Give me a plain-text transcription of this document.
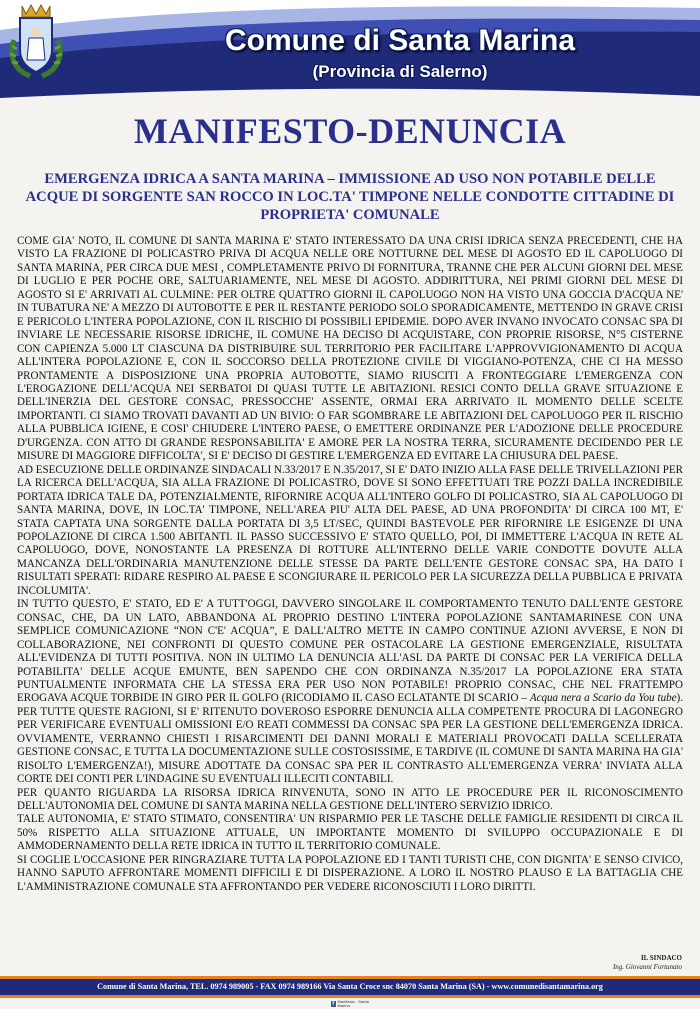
Comune di Santa Marina
(Provincia di Salerno)
MANIFESTO-DENUNCIA
EMERGENZA IDRICA A SANTA MARINA – IMMISSIONE AD USO NON POTABILE DELLE ACQUE DI SORGENTE SAN ROCCO IN LOC.TA' TIMPONE NELLE CONDOTTE CITTADINE DI PROPRIETA' COMUNALE

COME GIA' NOTO, IL COMUNE DI SANTA MARINA E' STATO INTERESSATO DA UNA CRISI IDRICA SENZA PRECEDENTI, CHE HA VISTO LA FRAZIONE DI POLICASTRO PRIVA DI ACQUA NELLE ORE NOTTURNE DEL MESE DI AGOSTO ED IL CAPOLUOGO DI SANTA MARINA, PER CIRCA DUE MESI , COMPLETAMENTE PRIVO DI FORNITURA, TRANNE CHE PER ALCUNI GIORNI DEL MESE DI LUGLIO E PER POCHE ORE, SALTUARIAMENTE, NEL MESE DI AGOSTO. ADDIRITTURA, NEI PRIMI GIORNI DEL MESE DI AGOSTO SI E' ARRIVATI AL CULMINE: PER OLTRE QUATTRO GIORNI IL CAPOLUOGO NON HA VISTO UNA GOCCIA D'ACQUA NE' IN TUBATURA NE' A MEZZO DI AUTOBOTTE E PER IL RESTANTE PERIODO SOLO SPORADICAMENTE, METTENDO IN GRAVE CRISI E PERICOLO L'INTERA POPOLAZIONE, CON IL RISCHIO DI POSSIBILI EPIDEMIE. DOPO AVER INVANO INVOCATO CONSAC SPA DI INVIARE LE NECESSARIE RISORSE IDRICHE, IL COMUNE HA DECISO DI ACQUISTARE, CON PROPRIE RISORSE, N°5 CISTERNE CON CAPIENZA 5.000 LT CIASCUNA DA DISTRIBUIRE SUL TERRITORIO PER FACILITARE L'APPROVVIGIONAMENTO DI ACQUA ALL'INTERA POPOLAZIONE E, CON IL SOCCORSO DELLA PROTEZIONE CIVILE DI VIGGIANO-POTENZA, CHE CI HA MESSO PRONTAMENTE A DISPOSIZIONE UNA PROPRIA AUTOBOTTE, SIAMO RIUSCITI A FRONTEGGIARE L'EMERGENZA CON L'EROGAZIONE DELL'ACQUA NEI SERBATOI DI QUASI TUTTE LE ABITAZIONI. RESICI CONTO DELLA GRAVE SITUAZIONE E DELL'INERZIA DEL GESTORE CONSAC, PRESSOCCHE' ASSENTE, ORMAI ERA ARRIVATO IL MOMENTO DELLE SCELTE IMPORTANTI. CI SIAMO TROVATI DAVANTI AD UN BIVIO: O FAR SGOMBRARE LE ABITAZIONI DEL CAPOLUOGO PER IL RISCHIO ALLA PUBBLICA IGIENE, E COSI' CHIUDERE L'INTERO PAESE, O EMETTERE ORDINANZE PER L'ADOZIONE DELLE PROCEDURE D'URGENZA. CON ATTO DI GRANDE RESPONSABILITA' E AMORE PER LA NOSTRA TERRA, SICURAMENTE DECIDENDO PER LE MISURE DI MAGGIORE DIFFICOLTA', SI E' DECISO DI GESTIRE L'EMERGENZA ED EVITARE LA CHIUSURA DEL PAESE.

AD ESECUZIONE DELLE ORDINANZE SINDACALI N.33/2017 E N.35/2017, SI E' DATO INIZIO ALLA FASE DELLE TRIVELLAZIONI PER LA RICERCA DELL'ACQUA, SIA ALLA FRAZIONE DI POLICASTRO, DOVE SI SONO EFFETTUATI TRE POZZI DALLA INCREDIBILE PORTATA IDRICA TALE DA, POTENZIALMENTE, RIFORNIRE ACQUA ALL'INTERO GOLFO DI POLICASTRO, SIA AL CAPOLUOGO DI SANTA MARINA, DOVE, IN LOC.TA' TIMPONE, NELL'AREA PIU' ALTA DEL PAESE, AD UNA PROFONDITA' DI CIRCA 100 MT, E' STATA CAPTATA UNA SORGENTE DALLA PORTATA DI 3,5 LT/SEC, QUINDI BASTEVOLE PER RIFORNIRE LE ESIGENZE DI UNA POPOLAZIONE DI CIRCA 1.500 ABITANTI. IL PASSO SUCCESSIVO E' STATO QUELLO, POI, DI IMMETTERE L'ACQUA IN RETE AL CAPOLUOGO, DOVE, NONOSTANTE LA PRESENZA DI ROTTURE ALL'INTERNO DELLE VARIE CONDOTTE DOVUTE ALLA MANCANZA DELL'ORDINARIA MANUTENZIONE DELLE STESSE DA PARTE DELL'ENTE GESTORE CONSAC SPA, HA DATO I RISULTATI SPERATI: RIDARE RESPIRO AL PAESE E SCONGIURARE IL PERICOLO PER LA SICUREZZA DELLA PUBBLICA E PRIVATA INCOLUMITA'.

IN TUTTO QUESTO, E' STATO, ED E' A TUTT'OGGI, DAVVERO SINGOLARE IL COMPORTAMENTO TENUTO DALL'ENTE GESTORE CONSAC, CHE, DA UN LATO, ABBANDONA AL PROPRIO DESTINO L'INTERA POPOLAZIONE SANTAMARINESE CON UNA SEMPLICE COMUNICAZIONE “NON C'E' ACQUA”, E DALL'ALTRO METTE IN CAMPO CONTINUE AZIONI AVVERSE, E NON DI COLLABORAZIONE, NEI CONFRONTI DI QUESTO COMUNE PER OSTACOLARE LA GESTIONE EMERGENZIALE, RISULTATA ALL'EVIDENZA DI TUTTI POSITIVA. NON IN ULTIMO LA DENUNCIA ALL'ASL DA PARTE DI CONSAC PER LA VERIFICA DELLA POTABILITA' DELLE ACQUE EMUNTE, BEN SAPENDO CHE CON ORDINANZA N.35/2017 LA POPOLAZIONE ERA STATA PUNTUALMENTE INFORMATA CHE LA STESSA ERA PER USO NON POTABILE! PROPRIO CONSAC, CHE NEL FRATTEMPO EROGAVA ACQUE TORBIDE IN GIRO PER IL GOLFO (RICODIAMO IL CASO ECLATANTE DI SCARIO – Acqua nera a Scario da You tube). PER TUTTE QUESTE RAGIONI, SI E' RITENUTO DOVEROSO ESPORRE DENUNCIA ALLA COMPETENTE PROCURA DI LAGONEGRO PER VERIFICARE EVENTUALI OMISSIONI E/O REATI COMMESSI DA CONSAC SPA PER LA GESTIONE DELL'EMERGENZA IDRICA. OVVIAMENTE, VERRANNO CHIESTI I RISARCIMENTI DEI DANNI MORALI E MATERIALI PROVOCATI DALLA SCELLERATA GESTIONE CONSAC, E TUTTA LA DOCUMENTAZIONE SULLE COSTOSISSIME, E TARDIVE (IL COMUNE DI SANTA MARINA HA GIA' RISOLTO L'EMERGENZA!), MISURE ADOTTATE DA CONSAC SPA PER IL CONTRASTO ALL'EMERGENZA VERRA' INVIATA ALLA CORTE DEI CONTI PER L'INDAGINE SU EVENTUALI ILLECITI CONTABILI.

PER QUANTO RIGUARDA LA RISORSA IDRICA RINVENUTA, SONO IN ATTO LE PROCEDURE PER IL RICONOSCIMENTO DELL'AUTONOMIA DEL COMUNE DI SANTA MARINA NELLA GESTIONE DELL'INTERO SERVIZIO IDRICO.

TALE AUTONOMIA, E' STATO STIMATO, CONSENTIRA' UN RISPARMIO PER LE TASCHE DELLE FAMIGLIE RESIDENTI DI CIRCA IL 50% RISPETTO ALLA SITUAZIONE ATTUALE, UN IMPORTANTE MOMENTO DI SVILUPPO OCCUPAZIONALE E DI AMMODERNAMENTO DELLA RETE IDRICA IN TUTTO IL TERRITORIO COMUNALE.

SI COGLIE L'OCCASIONE PER RINGRAZIARE TUTTA LA POPOLAZIONE ED I TANTI TURISTI CHE, CON DIGNITA' E SENSO CIVICO, HANNO SAPUTO AFFRONTARE MOMENTI DIFFICILI E DI DISPERAZIONE. A LORO IL NOSTRO PLAUSO E LA BATTAGLIA CHE L'AMMINISTRAZIONE COMUNALE STA AFFRONTANDO PER VEDERE RICONOSCIUTI I LORO DIRITTI.

IL SINDACO
Ing. Giovanni Fortunato
Comune di Santa Marina, TEL. 0974 989005 - FAX 0974 989166 Via Santa Croce snc 84070 Santa Marina (SA) - www.comunedisantamarina.org
f Manifesto - Santa Marina
